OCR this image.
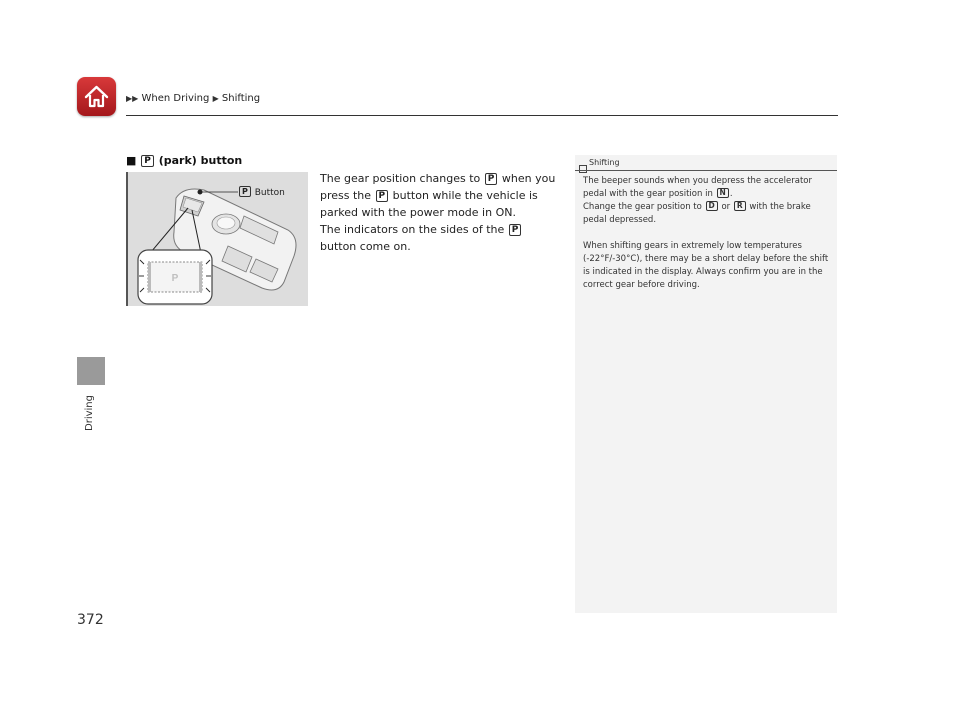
▶▶ When Driving ▶ Shifting
Driving
■ P (park) button
P
P Button

The gear position changes to P when you press the P button while the vehicle is parked with the power mode in ON.

The indicators on the sides of the P button come on.

Shifting

The beeper sounds when you depress the accelerator pedal with the gear position in N .

Change the gear position to D or R with the brake pedal depressed.

When shifting gears in extremely low temperatures (-22°F/-30°C), there may be a short delay before the shift is indicated in the display. Always confirm you are in the correct gear before driving.

372
